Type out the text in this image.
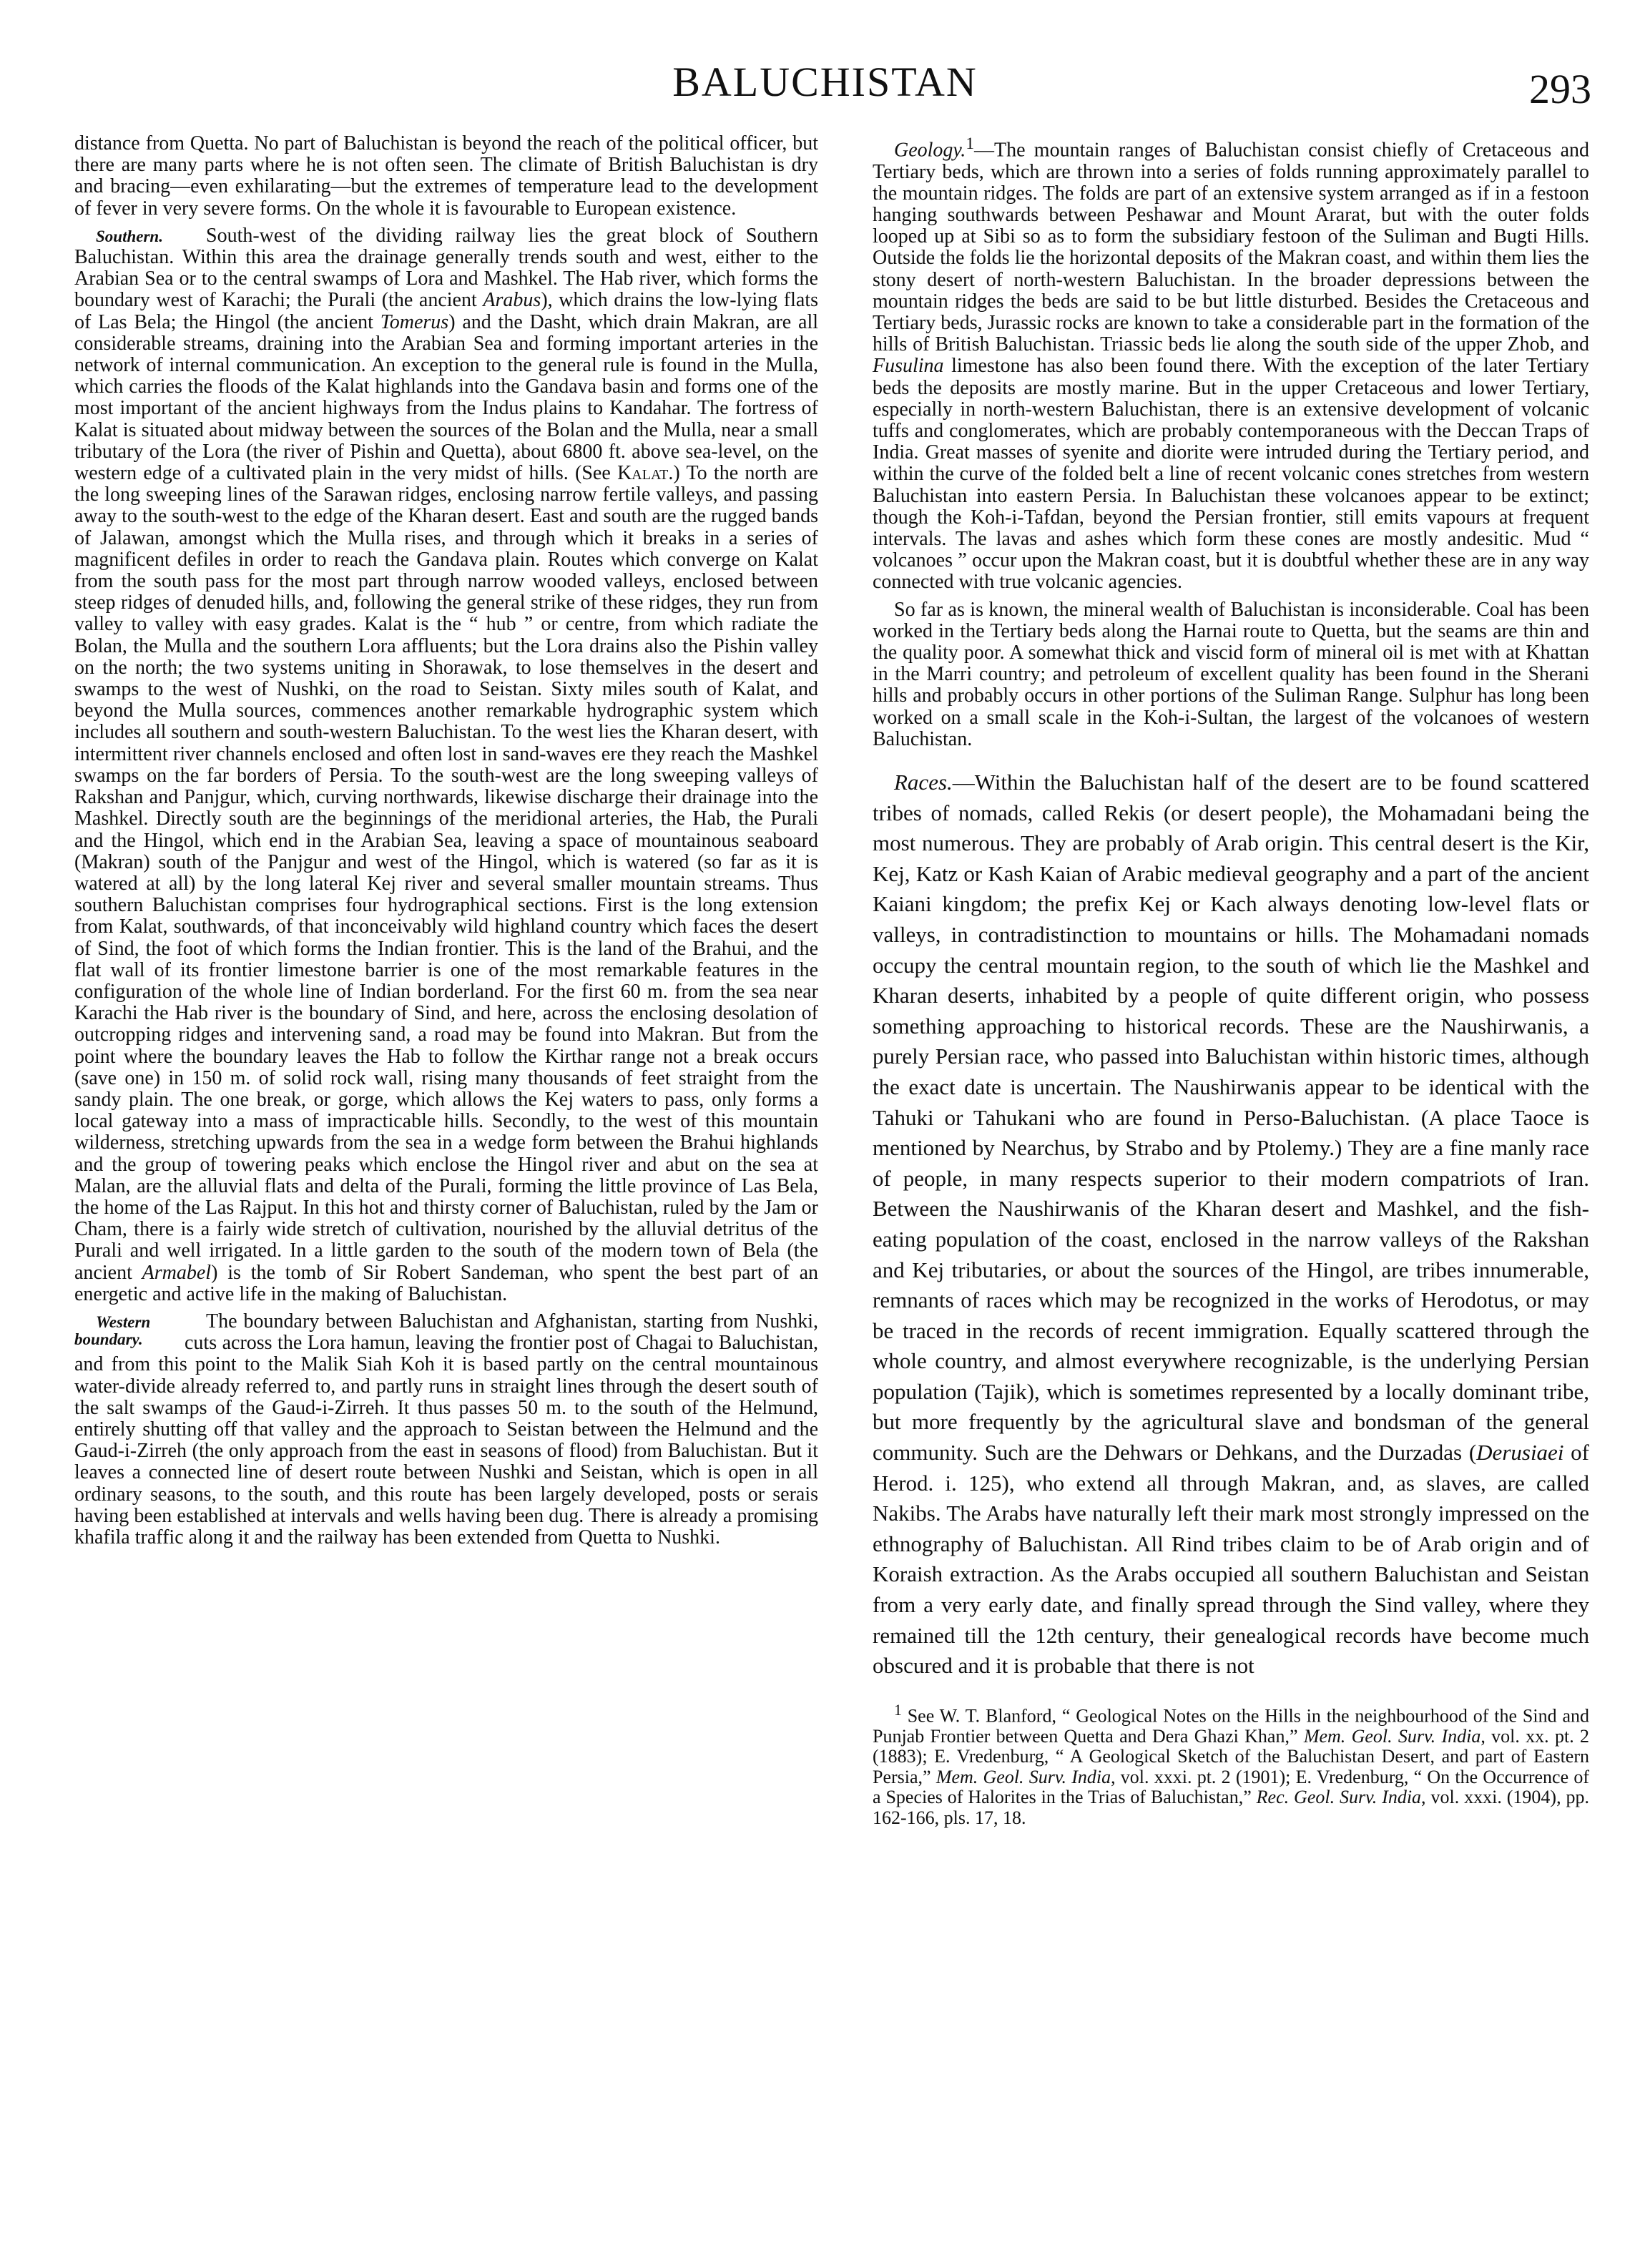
BALUCHISTAN	293

distance from Quetta. No part of Baluchistan is beyond the reach of the political officer, but there are many parts where he is not often seen. The climate of British Baluchistan is dry and bracing—even exhilarating—but the extremes of temperature lead to the development of fever in very severe forms. On the whole it is favourable to European existence.

Southern.	South-west of the dividing railway lies the great block of Southern Baluchistan. Within this area the drainage generally trends south and west, either to the Arabian Sea or to the central swamps of Lora and Mashkel. The Hab river, which forms the boundary west of Karachi; the Purali (the ancient Arabus), which drains the low-lying flats of Las Bela; the Hingol (the ancient Tomerus) and the Dasht, which drain Makran, are all considerable streams, draining into the Arabian Sea and forming important arteries in the network of internal communication. An exception to the general rule is found in the Mulla, which carries the floods of the Kalat highlands into the Gandava basin and forms one of the most important of the ancient highways from the Indus plains to Kandahar. The fortress of Kalat is situated about midway between the sources of the Bolan and the Mulla, near a small tributary of the Lora (the river of Pishin and Quetta), about 6800 ft. above sea-level, on the western edge of a cultivated plain in the very midst of hills. (See Kalat.) To the north are the long sweeping lines of the Sarawan ridges, enclosing narrow fertile valleys, and passing away to the south-west to the edge of the Kharan desert. East and south are the rugged bands of Jalawan, amongst which the Mulla rises, and through which it breaks in a series of magnificent defiles in order to reach the Gandava plain. Routes which converge on Kalat from the south pass for the most part through narrow wooded valleys, enclosed between steep ridges of denuded hills, and, following the general strike of these ridges, they run from valley to valley with easy grades. Kalat is the “ hub ” or centre, from which radiate the Bolan, the Mulla and the southern Lora affluents; but the Lora drains also the Pishin valley on the north; the two systems uniting in Shorawak, to lose themselves in the desert and swamps to the west of Nushki, on the road to Seistan. Sixty miles south of Kalat, and beyond the Mulla sources, commences another remarkable hydrographic system which includes all southern and south-western Baluchistan. To the west lies the Kharan desert, with intermittent river channels enclosed and often lost in sand-waves ere they reach the Mashkel swamps on the far borders of Persia. To the south-west are the long sweeping valleys of Rakshan and Panjgur, which, curving northwards, likewise discharge their drainage into the Mashkel. Directly south are the beginnings of the meridional arteries, the Hab, the Purali and the Hingol, which end in the Arabian Sea, leaving a space of mountainous seaboard (Makran) south of the Panjgur and west of the Hingol, which is watered (so far as it is watered at all) by the long lateral Kej river and several smaller mountain streams. Thus southern Baluchistan comprises four hydrographical sections. First is the long extension from Kalat, southwards, of that inconceivably wild highland country which faces the desert of Sind, the foot of which forms the Indian frontier. This is the land of the Brahui, and the flat wall of its frontier limestone barrier is one of the most remarkable features in the configuration of the whole line of Indian borderland. For the first 60 m. from the sea near Karachi the Hab river is the boundary of Sind, and here, across the enclosing desolation of outcropping ridges and intervening sand, a road may be found into Makran. But from the point where the boundary leaves the Hab to follow the Kirthar range not a break occurs (save one) in 150 m. of solid rock wall, rising many thousands of feet straight from the sandy plain. The one break, or gorge, which allows the Kej waters to pass, only forms a local gateway into a mass of impracticable hills. Secondly, to the west of this mountain wilderness, stretching upwards from the sea in a wedge form between the Brahui highlands and the group of towering peaks which enclose the Hingol river and abut on the sea at Malan, are the alluvial flats and delta of the Purali, forming the little province of Las Bela, the home of the Las Rajput. In this hot and thirsty corner of Baluchistan, ruled by the Jam or Cham, there is a fairly wide stretch of cultivation, nourished by the alluvial detritus of the Purali and well irrigated. In a little garden to the south of the modern town of Bela (the ancient Armabel) is the tomb of Sir Robert Sandeman, who spent the best part of an energetic and active life in the making of Baluchistan.

Western boundary.
The boundary between Baluchistan and Afghanistan, starting from Nushki, cuts across the Lora hamun, leaving the frontier post of Chagai to Baluchistan, and from this point to the Malik Siah Koh it is based partly on the central mountainous water-divide already referred to, and partly runs in straight lines through the desert south of the salt swamps of the Gaud-i-Zirreh. It thus passes 50 m. to the south of the Helmund, entirely shutting off that valley and the approach to Seistan between the Helmund and the Gaud-i-Zirreh (the only approach from the east in seasons of flood) from Baluchistan. But it leaves a connected line of desert route between Nushki and Seistan, which is open in all ordinary seasons, to the south, and this route has been largely developed, posts or serais having been established at intervals and wells having been dug. There is already a promising khafila traffic along it and the railway has been extended from Quetta to Nushki.

Geology.$^1$—The mountain ranges of Baluchistan consist chiefly of Cretaceous and Tertiary beds, which are thrown into a series of folds running approximately parallel to the mountain ridges. The folds are part of an extensive system arranged as if in a festoon hanging southwards between Peshawar and Mount Ararat, but with the outer folds looped up at Sibi so as to form the subsidiary festoon of the Suliman and Bugti Hills. Outside the folds lie the horizontal deposits of the Makran coast, and within them lies the stony desert of north-western Baluchistan. In the broader depressions between the mountain ridges the beds are said to be but little disturbed. Besides the Cretaceous and Tertiary beds, Jurassic rocks are known to take a considerable part in the formation of the hills of British Baluchistan. Triassic beds lie along the south side of the upper Zhob, and Fusulina limestone has also been found there. With the exception of the later Tertiary beds the deposits are mostly marine. But in the upper Cretaceous and lower Tertiary, especially in north-western Baluchistan, there is an extensive development of volcanic tuffs and conglomerates, which are probably contemporaneous with the Deccan Traps of India. Great masses of syenite and diorite were intruded during the Tertiary period, and within the curve of the folded belt a line of recent volcanic cones stretches from western Baluchistan into eastern Persia. In Baluchistan these volcanoes appear to be extinct; though the Koh-i-Tafdan, beyond the Persian frontier, still emits vapours at frequent intervals. The lavas and ashes which form these cones are mostly andesitic. Mud “ volcanoes ” occur upon the Makran coast, but it is doubtful whether these are in any way connected with true volcanic agencies.

So far as is known, the mineral wealth of Baluchistan is inconsiderable. Coal has been worked in the Tertiary beds along the Harnai route to Quetta, but the seams are thin and the quality poor. A somewhat thick and viscid form of mineral oil is met with at Khattan in the Marri country; and petroleum of excellent quality has been found in the Sherani hills and probably occurs in other portions of the Suliman Range. Sulphur has long been worked on a small scale in the Koh-i-Sultan, the largest of the volcanoes of western Baluchistan.

Races.—Within the Baluchistan half of the desert are to be found scattered tribes of nomads, called Rekis (or desert people), the Mohamadani being the most numerous. They are probably of Arab origin. This central desert is the Kir, Kej, Katz or Kash Kaian of Arabic medieval geography and a part of the ancient Kaiani kingdom; the prefix Kej or Kach always denoting low-level flats or valleys, in contradistinction to mountains or hills. The Mohamadani nomads occupy the central mountain region, to the south of which lie the Mashkel and Kharan deserts, inhabited by a people of quite different origin, who possess something approaching to historical records. These are the Naushirwanis, a purely Persian race, who passed into Baluchistan within historic times, although the exact date is uncertain. The Naushirwanis appear to be identical with the Tahuki or Tahukani who are found in Perso-Baluchistan. (A place Taoce is mentioned by Nearchus, by Strabo and by Ptolemy.) They are a fine manly race of people, in many respects superior to their modern compatriots of Iran. Between the Naushirwanis of the Kharan desert and Mashkel, and the fish-eating population of the coast, enclosed in the narrow valleys of the Rakshan and Kej tributaries, or about the sources of the Hingol, are tribes innumerable, remnants of races which may be recognized in the works of Herodotus, or may be traced in the records of recent immigration. Equally scattered through the whole country, and almost everywhere recognizable, is the underlying Persian population (Tajik), which is sometimes represented by a locally dominant tribe, but more frequently by the agricultural slave and bondsman of the general community. Such are the Dehwars or Dehkans, and the Durzadas (Derusiaei of Herod. i. 125), who extend all through Makran, and, as slaves, are called Nakibs. The Arabs have naturally left their mark most strongly impressed on the ethnography of Baluchistan. All Rind tribes claim to be of Arab origin and of Koraish extraction. As the Arabs occupied all southern Baluchistan and Seistan from a very early date, and finally spread through the Sind valley, where they remained till the 12th century, their genealogical records have become much obscured and it is probable that there is not

$^1$ See W. T. Blanford, “ Geological Notes on the Hills in the neighbourhood of the Sind and Punjab Frontier between Quetta and Dera Ghazi Khan,” Mem. Geol. Surv. India, vol. xx. pt. 2 (1883); E. Vredenburg, “ A Geological Sketch of the Baluchistan Desert, and part of Eastern Persia,” Mem. Geol. Surv. India, vol. xxxi. pt. 2 (1901); E. Vredenburg, “ On the Occurrence of a Species of Halorites in the Trias of Baluchistan,” Rec. Geol. Surv. India, vol. xxxi. (1904), pp. 162-166, pls. 17, 18.
